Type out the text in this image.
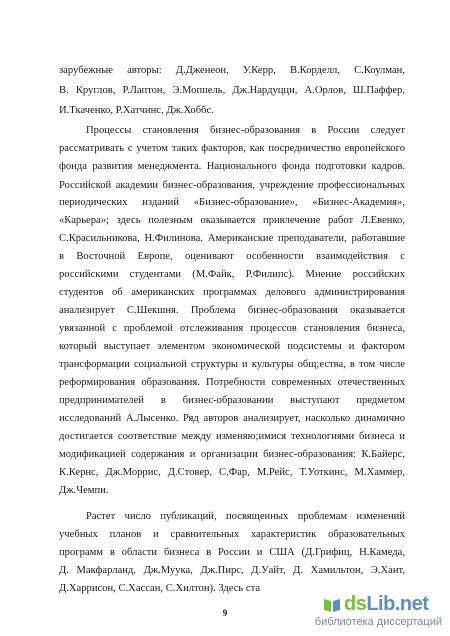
зарубежные авторы: Д.Дженеон, У.Керр, В.Корделл, С.Коулман,
В. Круглов, Р.Лаптон, Э.Моппель, Дж.Нардуцци, А.Орлов, Ш.Паффер,
И.Ткаченко, Р.Хатчинс, Дж.Хоббс.
Процессы становления бизнес-образования в России следует
рассматривать с учетом таких факторов, как посредничество европейского
фонда развития менеджмента. Национального фонда подготовки кадров.
Российской академии бизнес-образования, учреждение профессиональных
периодических изданий «Бизнес-образование», «Бизнес-Академия»,
«Карьера»; здесь полезным оказывается привлечение работ Л.Евенко,
С.Красильникова, Н.Филинова. Американские преподаватели, работавшие
в Восточной Европе, оценивают особенности взаимодействия с
российскими студентами (М.Файк, Р.Филипс). Мнение российских
студентов об американских программах делового администрирования
анализирует С.Шекшня. Проблема бизнес-образования оказывается
увязанной с проблемой отслеживания процессов становления бизнеса,
который выступает элементом экономической подсистемы и фактором
трансформации социальной структуры и культуры общ;ества, в том числе
реформирования образования. Потребности современных отечественных
предпринимателей в бизнес-образовании выступают предметом
исследований А.Лысенко. Ряд авторов анализирует, насколько динамично
достигается соответствие между изменяю;имися технологиями бизнеса и
модификацией содержания и организации бизнес-образования: К.Байерс,
К.Кернс, Дж.Моррис, Д.Стовер, С.Фар, М.Рейс, Т.Уоткинс, М.Хаммер,
Дж.Чемпи.
Растет число публикаций, посвященных проблемам изменений
учебных планов и сравнительных характеристик образовательных
программ в области бизнеса в России и США (Д.Грифиц, Н.Камеда,
Д. Макфарланд, Дж.Муука, Дж.Пирс, Д.Уайт, Д. Хамильтон, Э.Хант,
Д.Харрисон, С.Хассан, С.Хилтон). Здесь ста
9	dsLib.net
библиотека диссертаций
